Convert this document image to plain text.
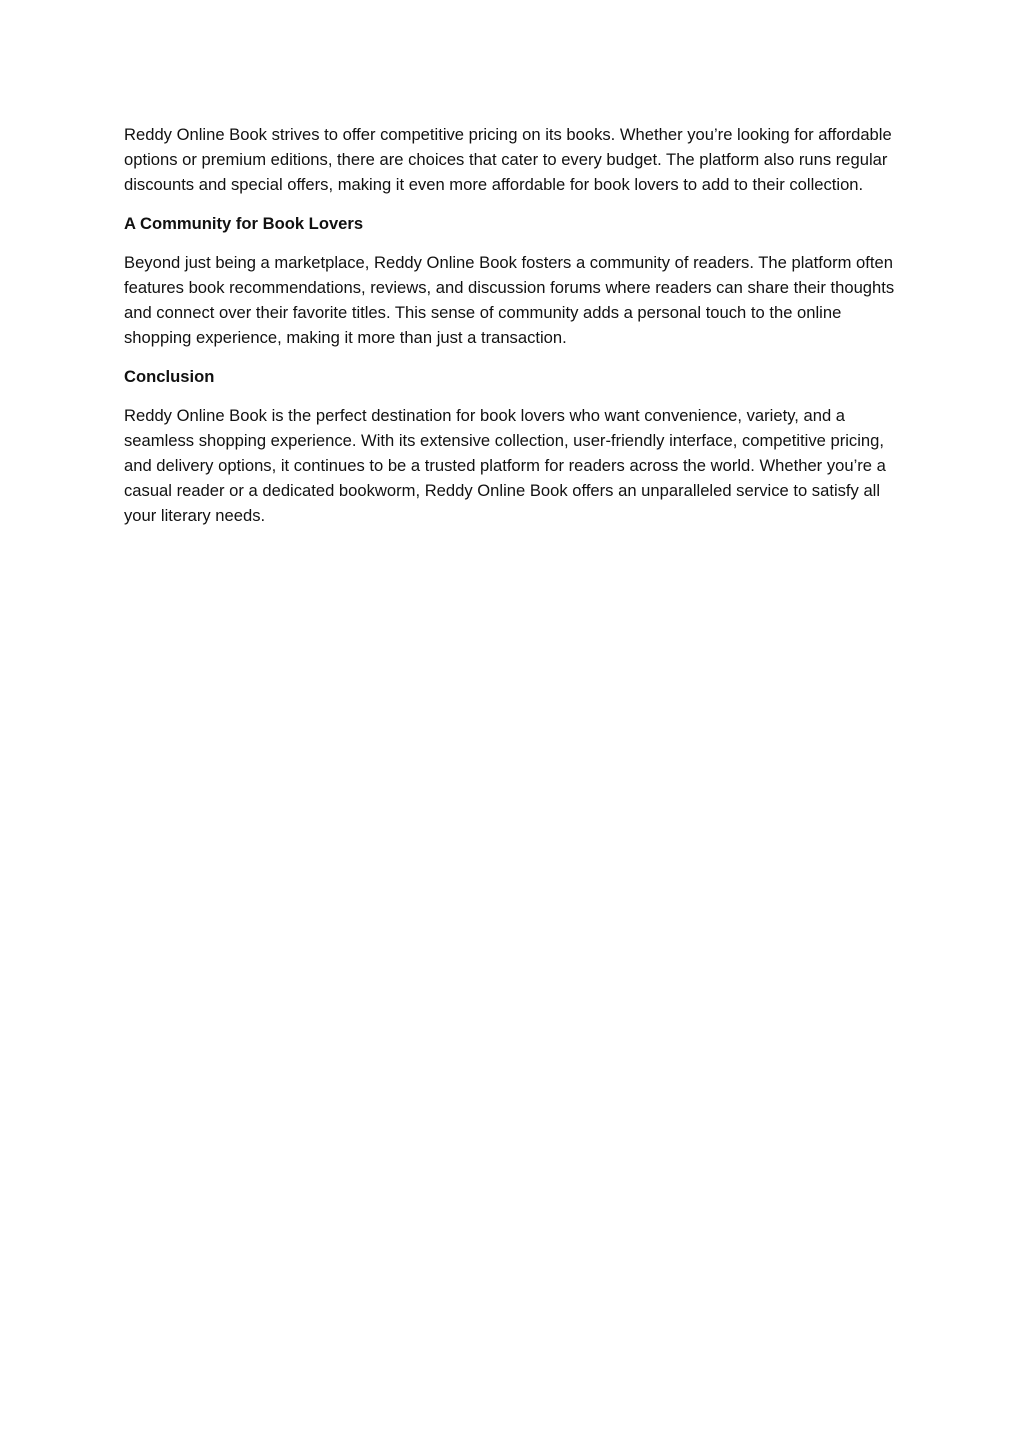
Reddy Online Book strives to offer competitive pricing on its books. Whether you’re looking for affordable options or premium editions, there are choices that cater to every budget. The platform also runs regular discounts and special offers, making it even more affordable for book lovers to add to their collection.

A Community for Book Lovers

Beyond just being a marketplace, Reddy Online Book fosters a community of readers. The platform often features book recommendations, reviews, and discussion forums where readers can share their thoughts and connect over their favorite titles. This sense of community adds a personal touch to the online shopping experience, making it more than just a transaction.

Conclusion

Reddy Online Book is the perfect destination for book lovers who want convenience, variety, and a seamless shopping experience. With its extensive collection, user-friendly interface, competitive pricing, and delivery options, it continues to be a trusted platform for readers across the world. Whether you’re a casual reader or a dedicated bookworm, Reddy Online Book offers an unparalleled service to satisfy all your literary needs.
